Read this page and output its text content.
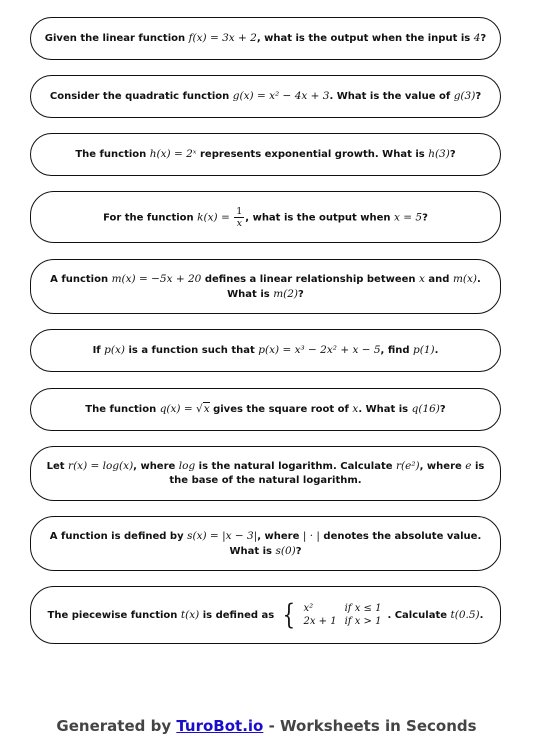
Given the linear function f(x) = 3x + 2, what is the output when the input is 4?
Consider the quadratic function g(x) = x² − 4x + 3. What is the value of g(3)?
The function h(x) = 2ˣ represents exponential growth. What is h(3)?
For the function $k(x) = \frac{1}{x}$ , what is the output when x = 5?
A function m(x) = −5x + 20 defines a linear relationship between x and m(x). What is m(2)?
If p(x) is a function such that p(x) = x³ − 2x² + x − 5, find p(1).
The function q(x) = √x gives the square root of x. What is q(16)?
Let r(x) = log(x), where log is the natural logarithm. Calculate r(e²), where e is the base of the natural logarithm.
A function is defined by s(x) = |x − 3|, where | · | denotes the absolute value. What is s(0)?
The piecewise function t(x) is defined as { x²	if x ≤ 1
2x + 1	if x > 1
. Calculate t(0.5).
Generated by TuroBot.io - Worksheets in Seconds
